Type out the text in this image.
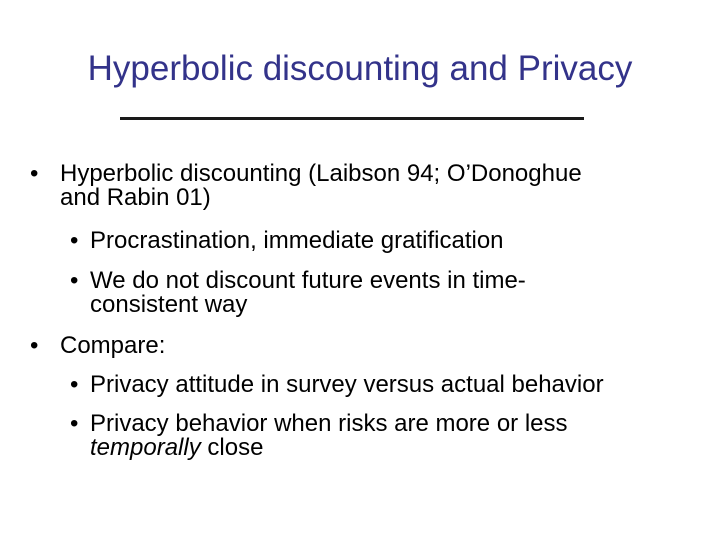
Hyperbolic discounting and Privacy
• Hyperbolic discounting (Laibson 94; O’Donoghue
and Rabin 01)
• Procrastination, immediate gratification
• We do not discount future events in time-
consistent way
• Compare:
• Privacy attitude in survey versus actual behavior
• Privacy behavior when risks are more or less
temporally close
